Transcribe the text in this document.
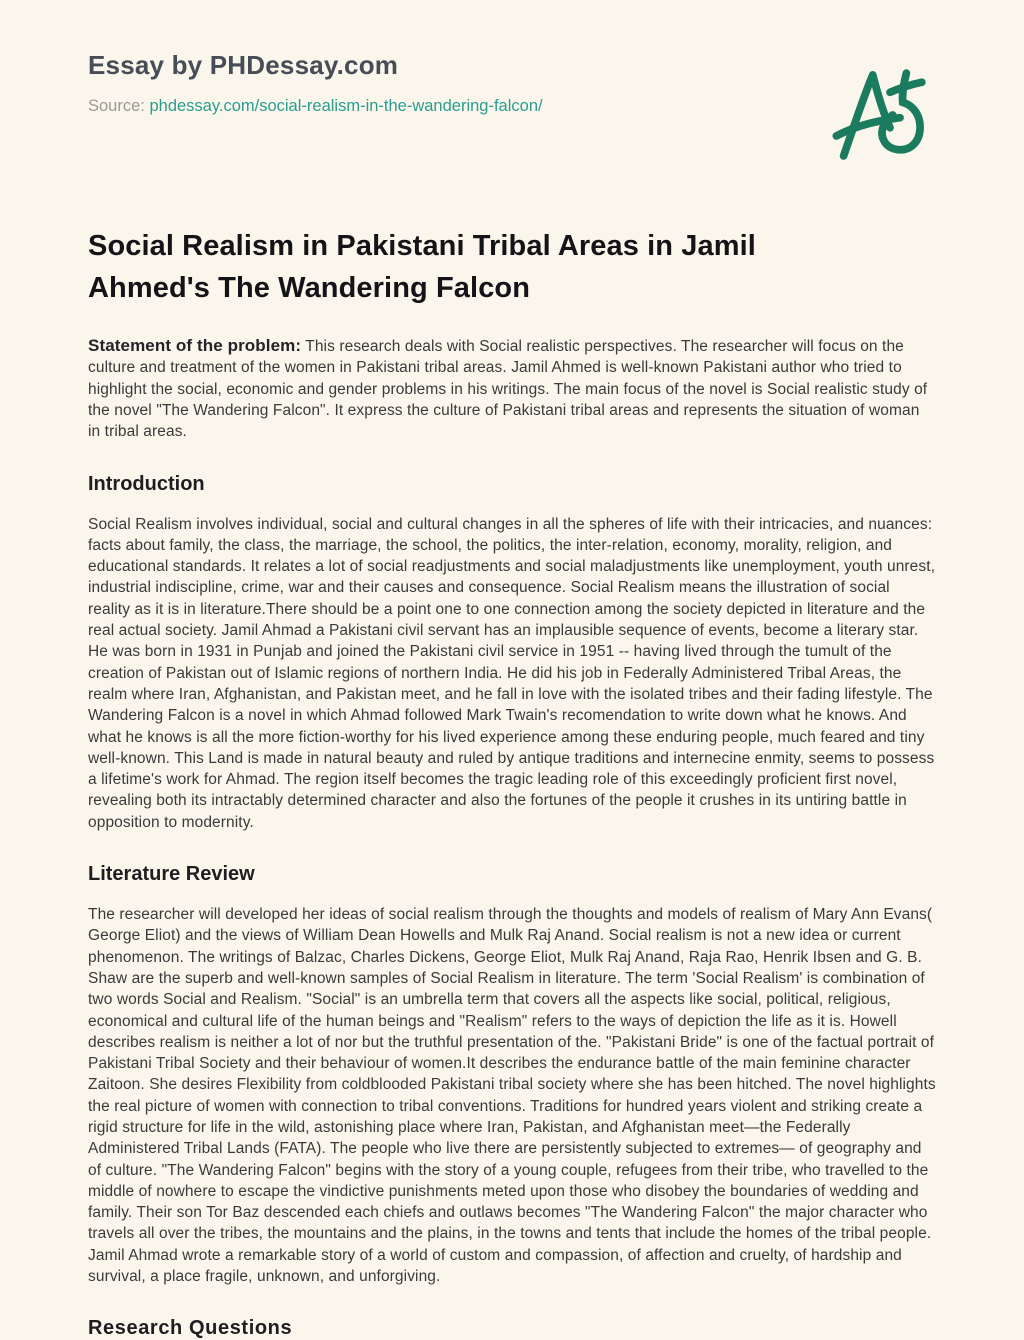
Essay by PHDessay.com
Source: phdessay.com/social-realism-in-the-wandering-falcon/
Social Realism in Pakistani Tribal Areas in Jamil Ahmed's The Wandering Falcon

Statement of the problem: This research deals with Social realistic perspectives. The researcher will focus on the culture and treatment of the women in Pakistani tribal areas. Jamil Ahmed is well-known Pakistani author who tried to highlight the social, economic and gender problems in his writings. The main focus of the novel is Social realistic study of the novel "The Wandering Falcon". It express the culture of Pakistani tribal areas and represents the situation of woman in tribal areas.

Introduction

Social Realism involves individual, social and cultural changes in all the spheres of life with their intricacies, and nuances: facts about family, the class, the marriage, the school, the politics, the inter-relation, economy, morality, religion, and educational standards. It relates a lot of social readjustments and social maladjustments like unemployment, youth unrest, industrial indiscipline, crime, war and their causes and consequence. Social Realism means the illustration of social reality as it is in literature.There should be a point one to one connection among the society depicted in literature and the real actual society. Jamil Ahmad a Pakistani civil servant has an implausible sequence of events, become a literary star. He was born in 1931 in Punjab and joined the Pakistani civil service in 1951 -- having lived through the tumult of the creation of Pakistan out of Islamic regions of northern India. He did his job in Federally Administered Tribal Areas, the realm where Iran, Afghanistan, and Pakistan meet, and he fall in love with the isolated tribes and their fading lifestyle. The Wandering Falcon is a novel in which Ahmad followed Mark Twain's recomendation to write down what he knows. And what he knows is all the more fiction-worthy for his lived experience among these enduring people, much feared and tiny well-known. This Land is made in natural beauty and ruled by antique traditions and internecine enmity, seems to possess a lifetime's work for Ahmad. The region itself becomes the tragic leading role of this exceedingly proficient first novel, revealing both its intractably determined character and also the fortunes of the people it crushes in its untiring battle in opposition to modernity.

Literature Review

The researcher will developed her ideas of social realism through the thoughts and models of realism of Mary Ann Evans( George Eliot) and the views of William Dean Howells and Mulk Raj Anand. Social realism is not a new idea or current phenomenon. The writings of Balzac, Charles Dickens, George Eliot, Mulk Raj Anand, Raja Rao, Henrik Ibsen and G. B. Shaw are the superb and well-known samples of Social Realism in literature. The term 'Social Realism' is combination of two words Social and Realism. "Social" is an umbrella term that covers all the aspects like social, political, religious, economical and cultural life of the human beings and "Realism" refers to the ways of depiction the life as it is. Howell describes realism is neither a lot of nor but the truthful presentation of the. "Pakistani Bride" is one of the factual portrait of Pakistani Tribal Society and their behaviour of women.It describes the endurance battle of the main feminine character Zaitoon. She desires Flexibility from coldblooded Pakistani tribal society where she has been hitched. The novel highlights the real picture of women with connection to tribal conventions. Traditions for hundred years violent and striking create a rigid structure for life in the wild, astonishing place where Iran, Pakistan, and Afghanistan meet—the Federally Administered Tribal Lands (FATA). The people who live there are persistently subjected to extremes— of geography and of culture. "The Wandering Falcon" begins with the story of a young couple, refugees from their tribe, who travelled to the middle of nowhere to escape the vindictive punishments meted upon those who disobey the boundaries of wedding and family. Their son Tor Baz descended each chiefs and outlaws becomes "The Wandering Falcon" the major character who travels all over the tribes, the mountains and the plains, in the towns and tents that include the homes of the tribal people. Jamil Ahmad wrote a remarkable story of a world of custom and compassion, of affection and cruelty, of hardship and survival, a place fragile, unknown, and unforgiving.

Research Questions
